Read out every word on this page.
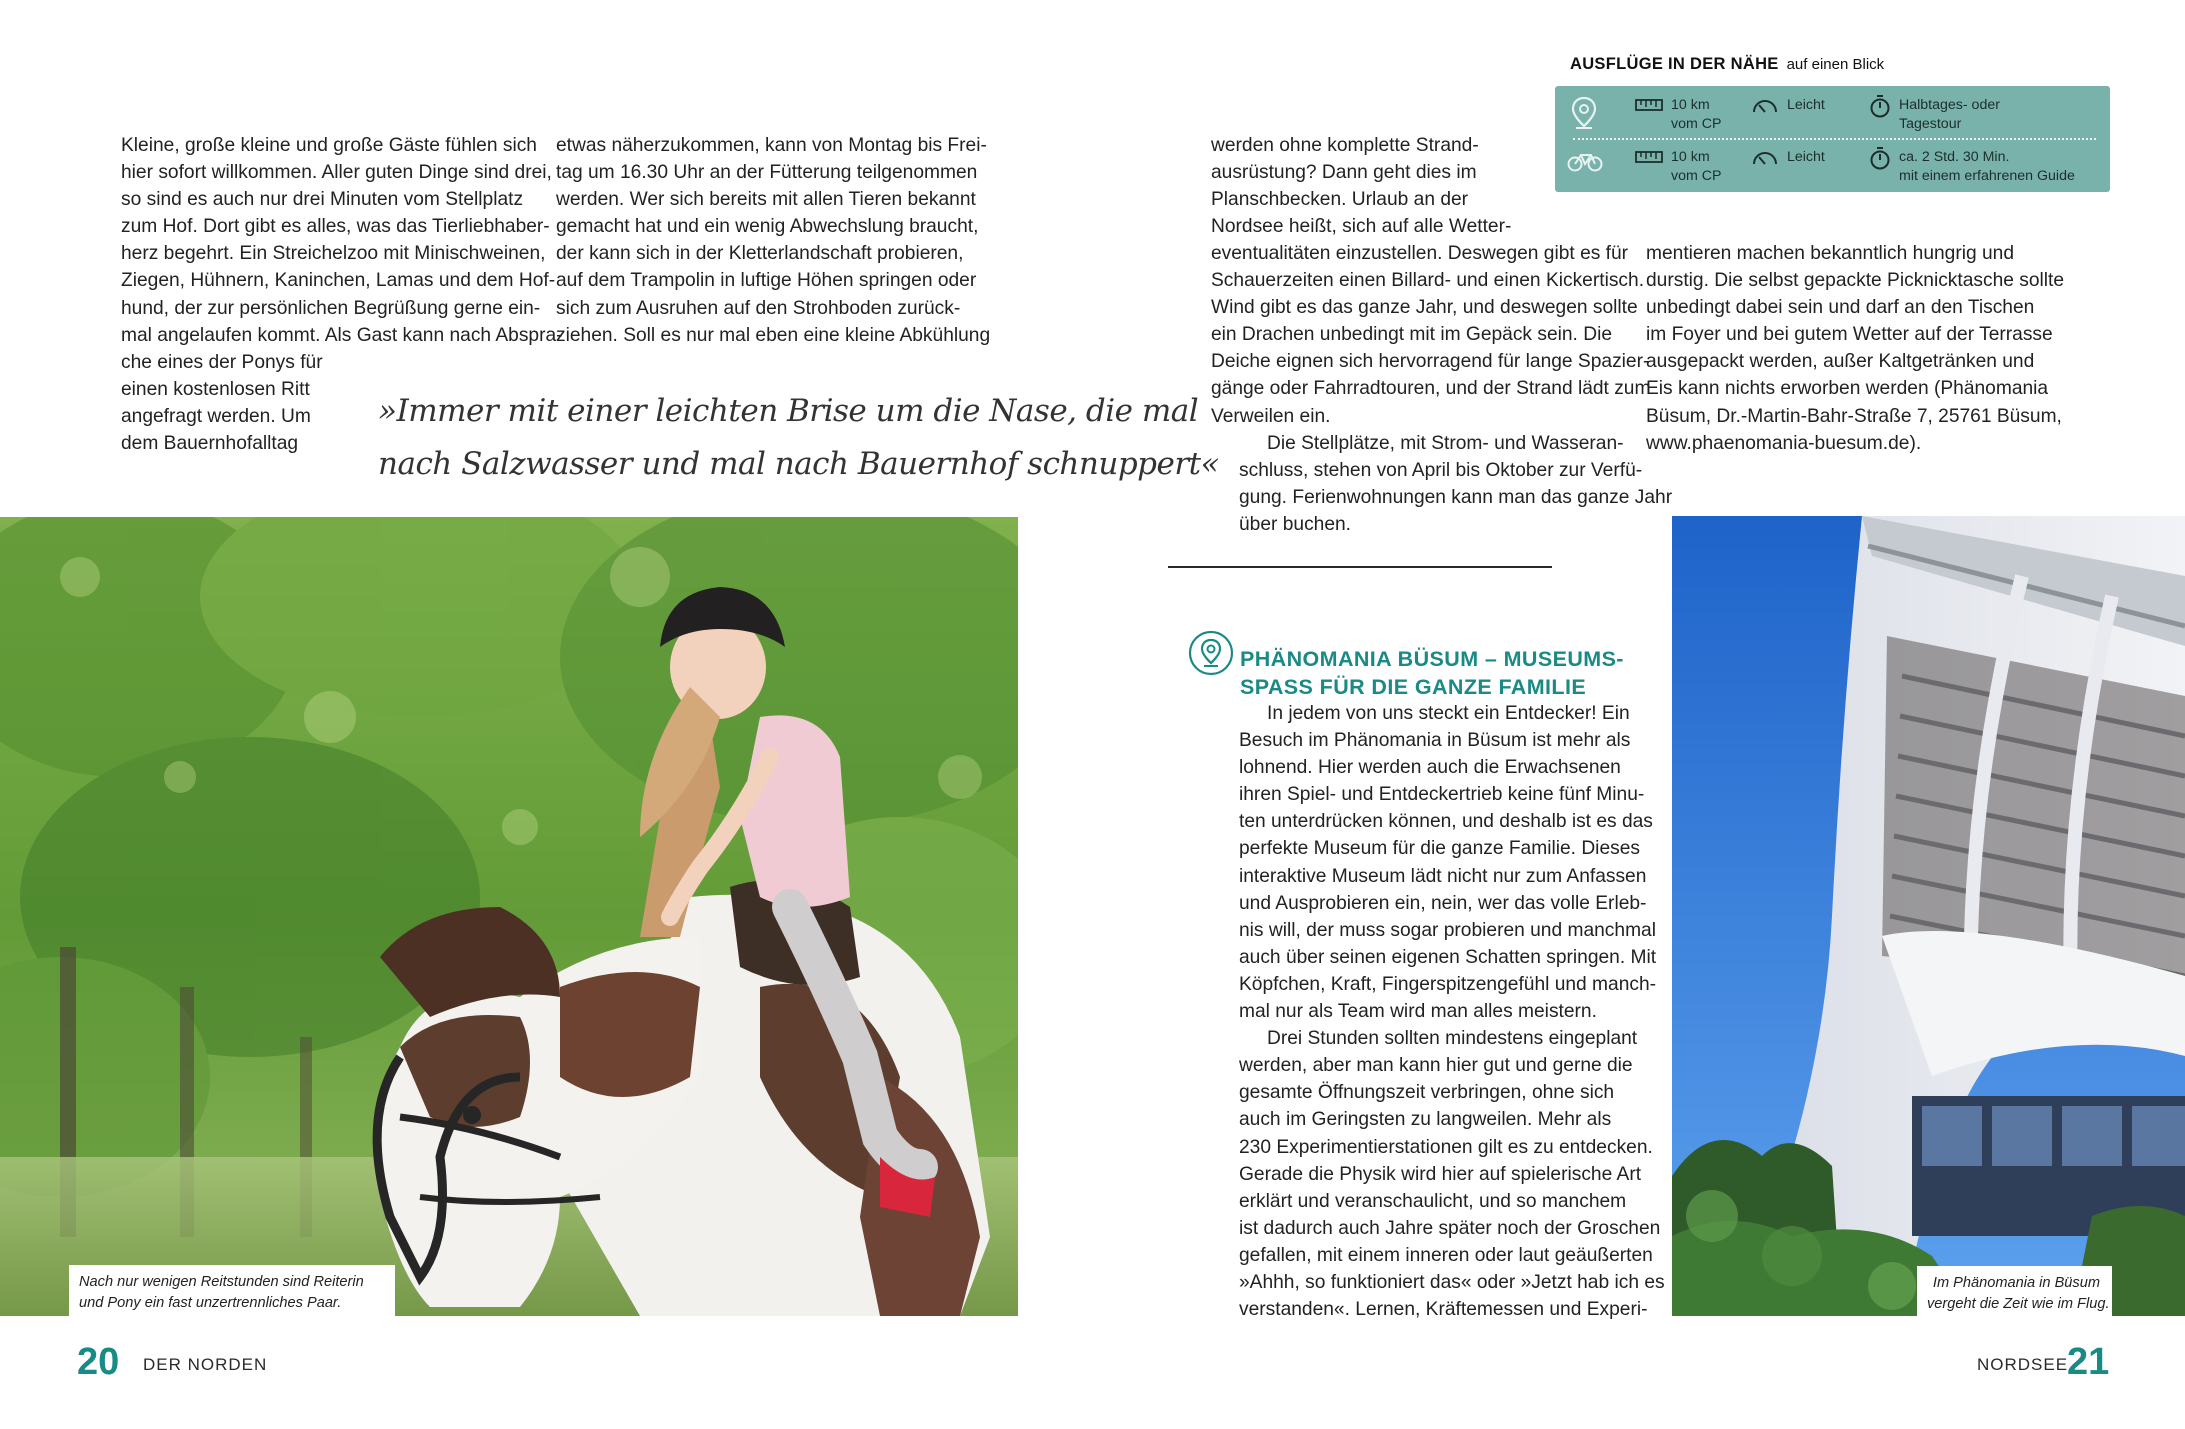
Kleine, große kleine und große Gäste fühlen sich
hier sofort willkommen. Aller guten Dinge sind drei,
so sind es auch nur drei Minuten vom Stellplatz
zum Hof. Dort gibt es alles, was das Tierliebhaber-
herz begehrt. Ein Streichelzoo mit Minischweinen,
Ziegen, Hühnern, Kaninchen, Lamas und dem Hof-
hund, der zur persönlichen Begrüßung gerne ein-
mal angelaufen kommt. Als Gast kann nach Abspra-
che eines der Ponys für
einen kostenlosen Ritt
angefragt werden. Um
dem Bauernhofalltag
etwas näherzukommen, kann von Montag bis Frei-
tag um 16.30 Uhr an der Fütterung teilgenommen
werden. Wer sich bereits mit allen Tieren bekannt
gemacht hat und ein wenig Abwechslung braucht,
der kann sich in der Kletterlandschaft probieren,
auf dem Trampolin in luftige Höhen springen oder
sich zum Ausruhen auf den Strohboden zurück-
ziehen. Soll es nur mal eben eine kleine Abkühlung
»Immer mit einer leichten Brise um die Nase, die mal
nach Salzwasser und mal nach Bauernhof schnuppert«
Nach nur wenigen Reitstunden sind Reiterin
und Pony ein fast unzertrennliches Paar.
20 DER NORDEN
AUSFLÜGE IN DER NÄHE auf einen Blick
10 km
vom CP
Leicht	Halbtages- oder
Tagestour
10 km
vom CP
Leicht	ca. 2 Std. 30 Min.
mit einem erfahrenen Guide
werden ohne komplette Strand-
ausrüstung? Dann geht dies im
Planschbecken. Urlaub an der
Nordsee heißt, sich auf alle Wetter-
eventualitäten einzustellen. Deswegen gibt es für
Schauerzeiten einen Billard- und einen Kickertisch.
Wind gibt es das ganze Jahr, und deswegen sollte
ein Drachen unbedingt mit im Gepäck sein. Die
Deiche eignen sich hervorragend für lange Spazier-
gänge oder Fahrradtouren, und der Strand lädt zum
Verweilen ein.
Die Stellplätze, mit Strom- und Wasseran-
schluss, stehen von April bis Oktober zur Verfü-
gung. Ferienwohnungen kann man das ganze Jahr
über buchen.
mentieren machen bekanntlich hungrig und
durstig. Die selbst gepackte Picknicktasche sollte
unbedingt dabei sein und darf an den Tischen
im Foyer und bei gutem Wetter auf der Terrasse
ausgepackt werden, außer Kaltgetränken und
Eis kann nichts erworben werden (Phänomania
Büsum, Dr.-Martin-Bahr-Straße 7, 25761 Büsum,
www.phaenomania-buesum.de).
PHÄNOMANIA BÜSUM – MUSEUMS-
SPASS FÜR DIE GANZE FAMILIE
In jedem von uns steckt ein Entdecker! Ein
Besuch im Phänomania in Büsum ist mehr als
lohnend. Hier werden auch die Erwachsenen
ihren Spiel- und Entdeckertrieb keine fünf Minu-
ten unterdrücken können, und deshalb ist es das
perfekte Museum für die ganze Familie. Dieses
interaktive Museum lädt nicht nur zum Anfassen
und Ausprobieren ein, nein, wer das volle Erleb-
nis will, der muss sogar probieren und manchmal
auch über seinen eigenen Schatten springen. Mit
Köpfchen, Kraft, Fingerspitzengefühl und manch-
mal nur als Team wird man alles meistern.
Drei Stunden sollten mindestens eingeplant
werden, aber man kann hier gut und gerne die
gesamte Öffnungszeit verbringen, ohne sich
auch im Geringsten zu langweilen. Mehr als
230 Experimentierstationen gilt es zu entdecken.
Gerade die Physik wird hier auf spielerische Art
erklärt und veranschaulicht, und so manchem
ist dadurch auch Jahre später noch der Groschen
gefallen, mit einem inneren oder laut geäußerten
»Ahhh, so funktioniert das« oder »Jetzt hab ich es
verstanden«. Lernen, Kräftemessen und Experi-
Im Phänomania in Büsum
vergeht die Zeit wie im Flug.
NORDSEE
21
